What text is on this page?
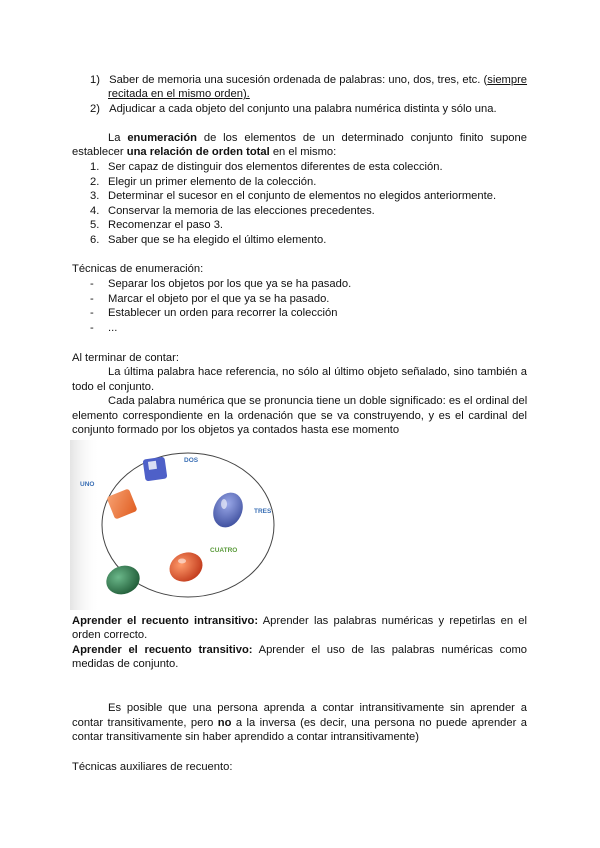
1) Saber de memoria una sucesión ordenada de palabras: uno, dos, tres, etc. (siempre
recitada en el mismo orden).
2) Adjudicar a cada objeto del conjunto una palabra numérica distinta y sólo una.
La enumeración de los elementos de un determinado conjunto finito supone
establecer una relación de orden total en el mismo:
1. Ser capaz de distinguir dos elementos diferentes de esta colección.
2. Elegir un primer elemento de la colección.
3. Determinar el sucesor en el conjunto de elementos no elegidos anteriormente.
4. Conservar la memoria de las elecciones precedentes.
5. Recomenzar el paso 3.
6. Saber que se ha elegido el último elemento.
Técnicas de enumeración:
- Separar los objetos por los que ya se ha pasado.
- Marcar el objeto por el que ya se ha pasado.
- Establecer un orden para recorrer la colección
- ...
Al terminar de contar:
La última palabra hace referencia, no sólo al último objeto señalado, sino también a
todo el conjunto.
Cada palabra numérica que se pronuncia tiene un doble significado: es el ordinal del
elemento correspondiente en la ordenación que se va construyendo, y es el cardinal del
conjunto formado por los objetos ya contados hasta ese momento
UNO
DOS
TRES
CUATRO
Aprender el recuento intransitivo: Aprender las palabras numéricas y repetirlas en el
orden correcto.
Aprender el recuento transitivo: Aprender el uso de las palabras numéricas como
medidas de conjunto.
Es posible que una persona aprenda a contar intransitivamente sin aprender a
contar transitivamente, pero no a la inversa (es decir, una persona no puede aprender a
contar transitivamente sin haber aprendido a contar intransitivamente)
Técnicas auxiliares de recuento:
